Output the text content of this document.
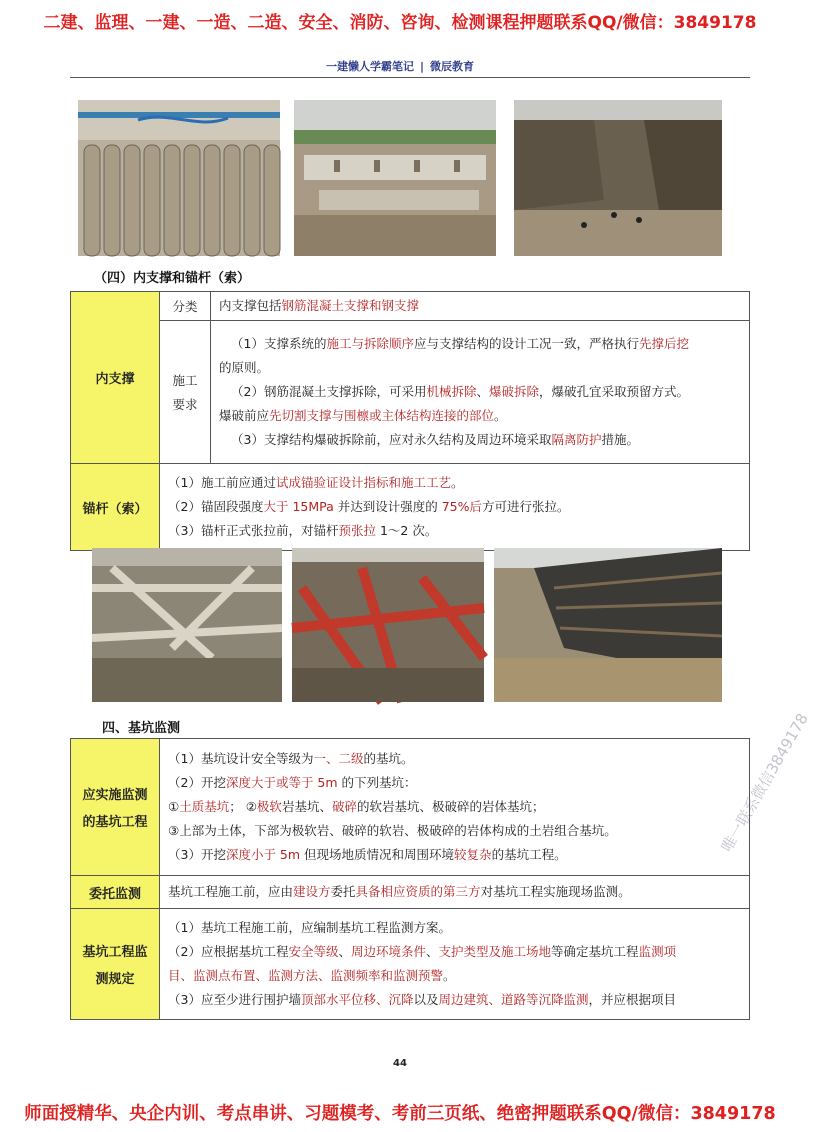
二建、监理、一建、一造、二造、安全、消防、咨询、检测课程押题联系QQ/微信：3849178
一建懒人学霸笔记 | 微辰教育
（四）内支撑和锚杆（索）
内支撑	分类	内支撑包括钢筋混凝土支撑和钢支撑

	施工
要求	（1）支撑系统的施工与拆除顺序应与支撑结构的设计工况一致，严格执行先撑后挖
的原则。
（2）钢筋混凝土支撑拆除，可采用机械拆除、爆破拆除，爆破孔宜采取预留方式。
爆破前应先切割支撑与围檩或主体结构连接的部位。
（3）支撑结构爆破拆除前，应对永久结构及周边环境采取隔离防护措施。

锚杆（索）	（1）施工前应通过试成锚验证设计指标和施工工艺。
（2）锚固段强度大于 15MPa 并达到设计强度的 75%后方可进行张拉。
（3）锚杆正式张拉前，对锚杆预张拉 1～2 次。	
四、基坑监测
应实施监测
的基坑工程	（1）基坑设计安全等级为一、二级的基坑。
（2）开挖深度大于或等于 5m 的下列基坑：
①土质基坑； ②极软岩基坑、破碎的软岩基坑、极破碎的岩体基坑；
③上部为土体，下部为极软岩、破碎的软岩、极破碎的岩体构成的土岩组合基坑。
（3）开挖深度小于 5m 但现场地质情况和周围环境较复杂的基坑工程。

委托监测	基坑工程施工前，应由建设方委托具备相应资质的第三方对基坑工程实施现场监测。

基坑工程监
测规定	（1）基坑工程施工前，应编制基坑工程监测方案。
（2）应根据基坑工程安全等级、周边环境条件、支护类型及施工场地等确定基坑工程监测项
目、监测点布置、监测方法、监测频率和监测预警。
（3）应至少进行围护墙顶部水平位移、沉降以及周边建筑、道路等沉降监测，并应根据项目
唯一联系微信3849178
44
师面授精华、央企内训、考点串讲、习题模考、考前三页纸、绝密押题联系QQ/微信：3849178
